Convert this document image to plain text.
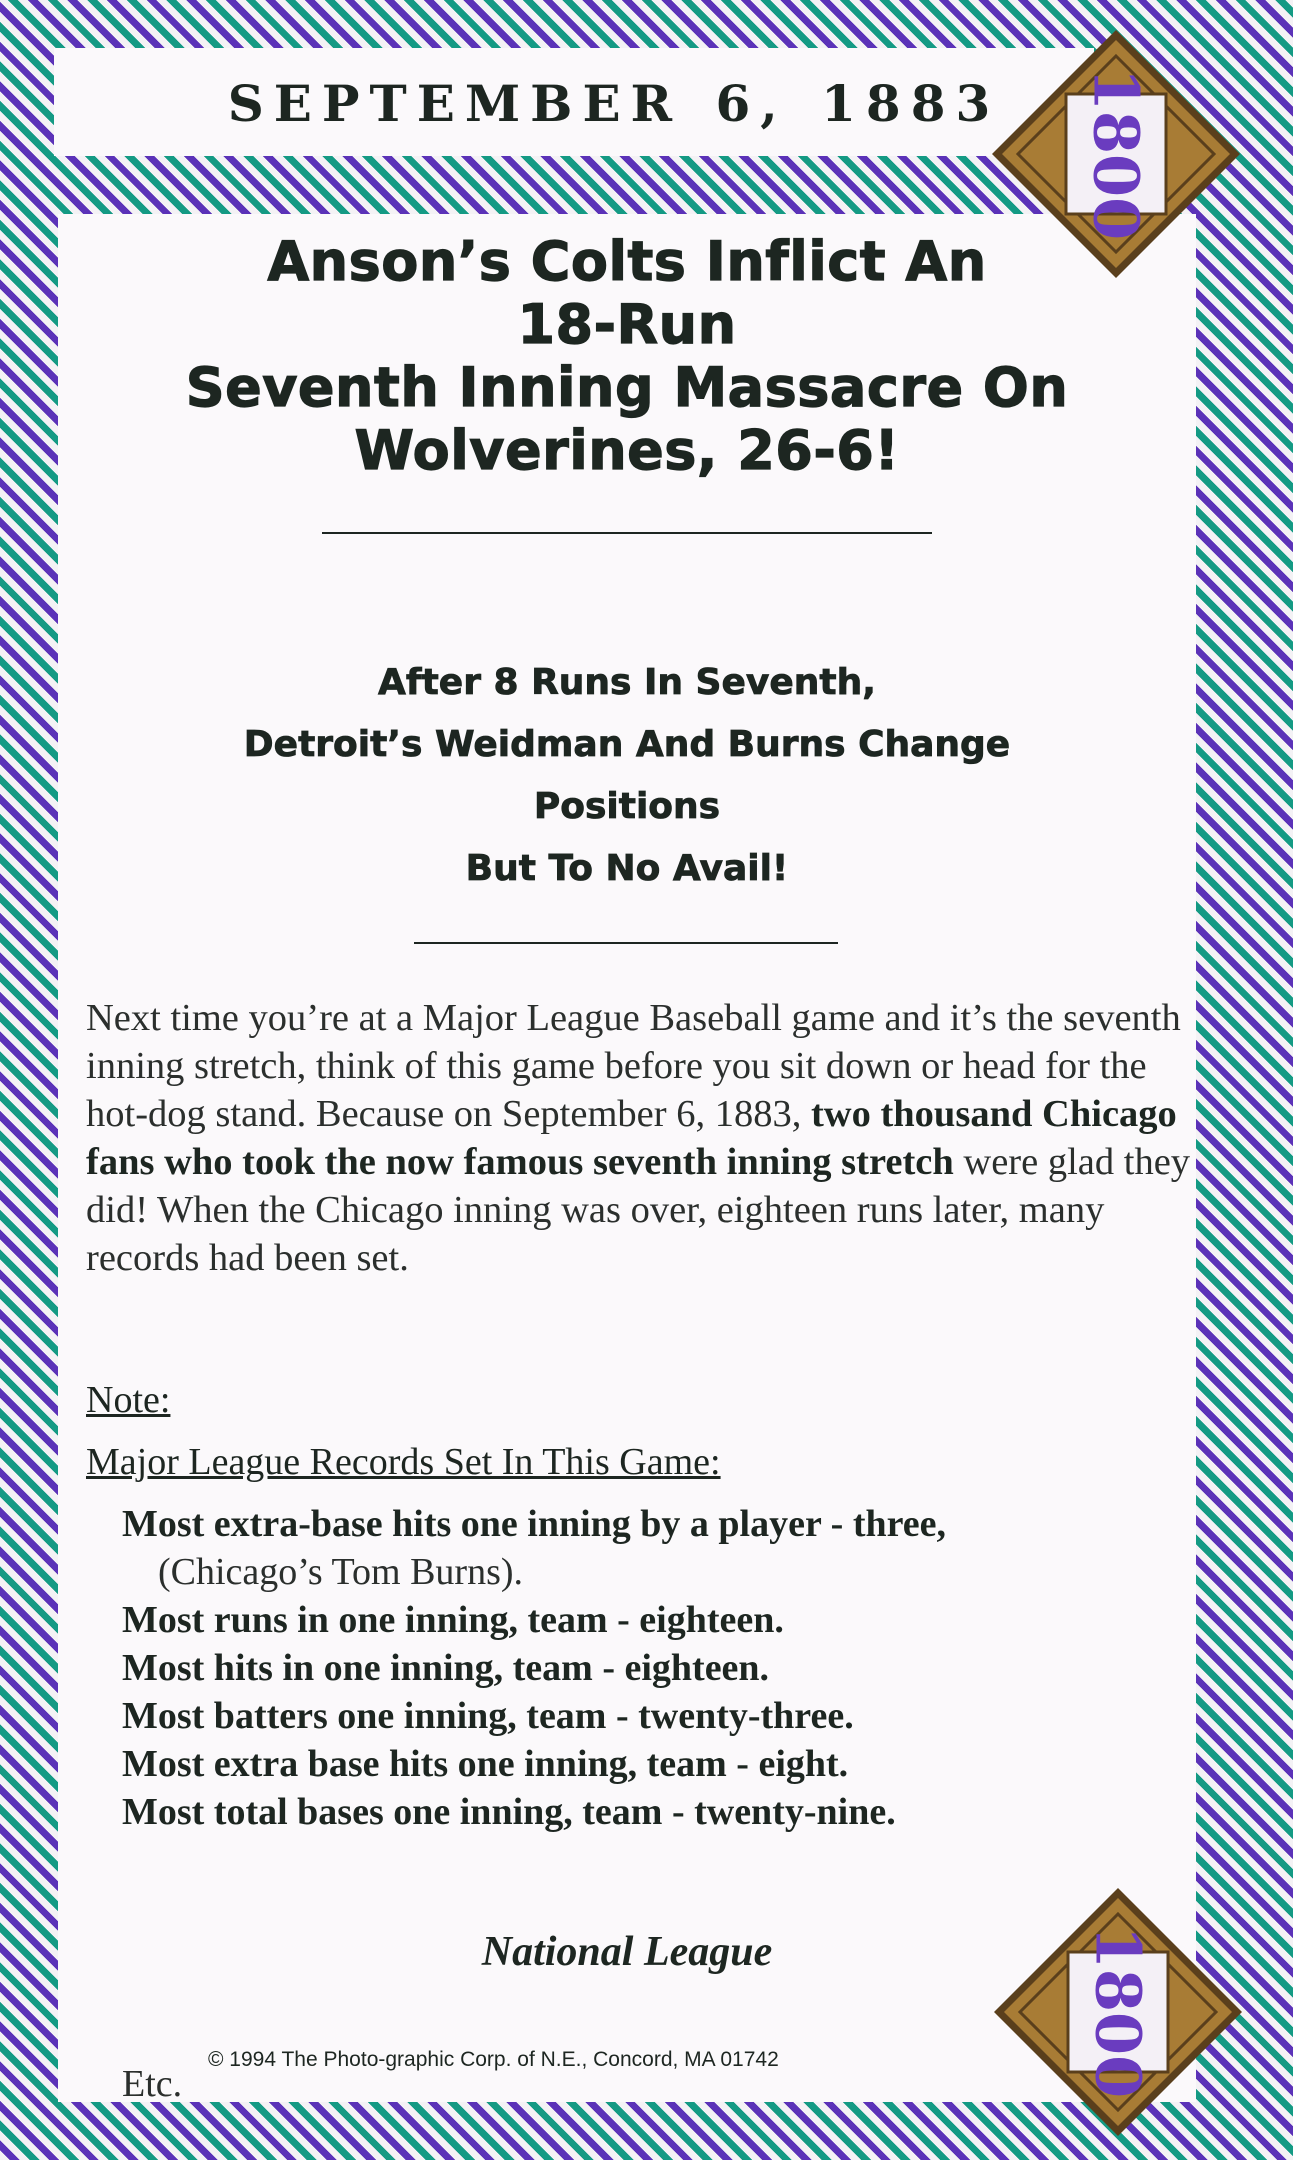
SEPTEMBER 6, 1883
Anson’s Colts Inflict An
18-Run
Seventh Inning Massacre On
Wolverines, 26-6!
After 8 Runs In Seventh,
Detroit’s Weidman And Burns Change
Positions
But To No Avail!

Next time you’re at a Major League Baseball game and it’s the seventh inning stretch, think of this game before you sit down or head for the hot-dog stand. Because on September 6, 1883, two thousand Chicago fans who took the now famous seventh inning stretch were glad they did! When the Chicago inning was over, eighteen runs later, many records had been set.

Note:

Major League Records Set In This Game:

Most extra-base hits one inning by a player - three,
(Chicago’s Tom Burns).
Most runs in one inning, team - eighteen.
Most hits in one inning, team - eighteen.
Most batters one inning, team - twenty-three.
Most extra base hits one inning, team - eight.
Most total bases one inning, team - twenty-nine.

Etc.

National League

© 1994 The Photo-graphic Corp. of N.E., Concord, MA 01742

1800
1800
